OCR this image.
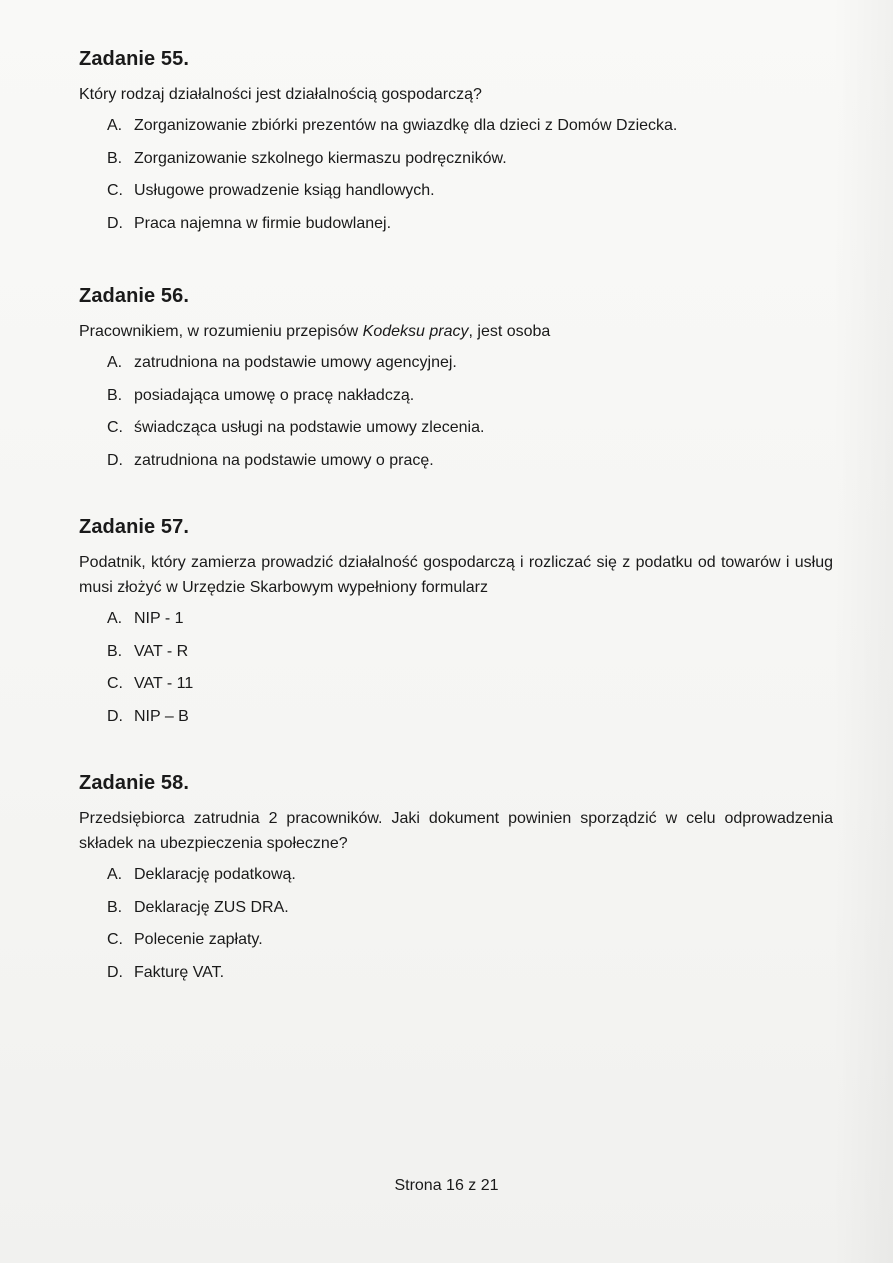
Zadanie 55.

Który rodzaj działalności jest działalnością gospodarczą?

A. Zorganizowanie zbiórki prezentów na gwiazdkę dla dzieci z Domów Dziecka.
B. Zorganizowanie szkolnego kiermaszu podręczników.
C. Usługowe prowadzenie ksiąg handlowych.
D. Praca najemna w firmie budowlanej.
Zadanie 56.

Pracownikiem, w rozumieniu przepisów Kodeksu pracy, jest osoba

A. zatrudniona na podstawie umowy agencyjnej.
B. posiadająca umowę o pracę nakładczą.
C. świadcząca usługi na podstawie umowy zlecenia.
D. zatrudniona na podstawie umowy o pracę.
Zadanie 57.

Podatnik, który zamierza prowadzić działalność gospodarczą i rozliczać się z podatku od towarów i usług musi złożyć w Urzędzie Skarbowym wypełniony formularz

A. NIP - 1
B. VAT - R
C. VAT - 11
D. NIP – B
Zadanie 58.

Przedsiębiorca zatrudnia 2 pracowników. Jaki dokument powinien sporządzić w celu odprowadzenia składek na ubezpieczenia społeczne?

A. Deklarację podatkową.
B. Deklarację ZUS DRA.
C. Polecenie zapłaty.
D. Fakturę VAT.
Strona 16 z 21
